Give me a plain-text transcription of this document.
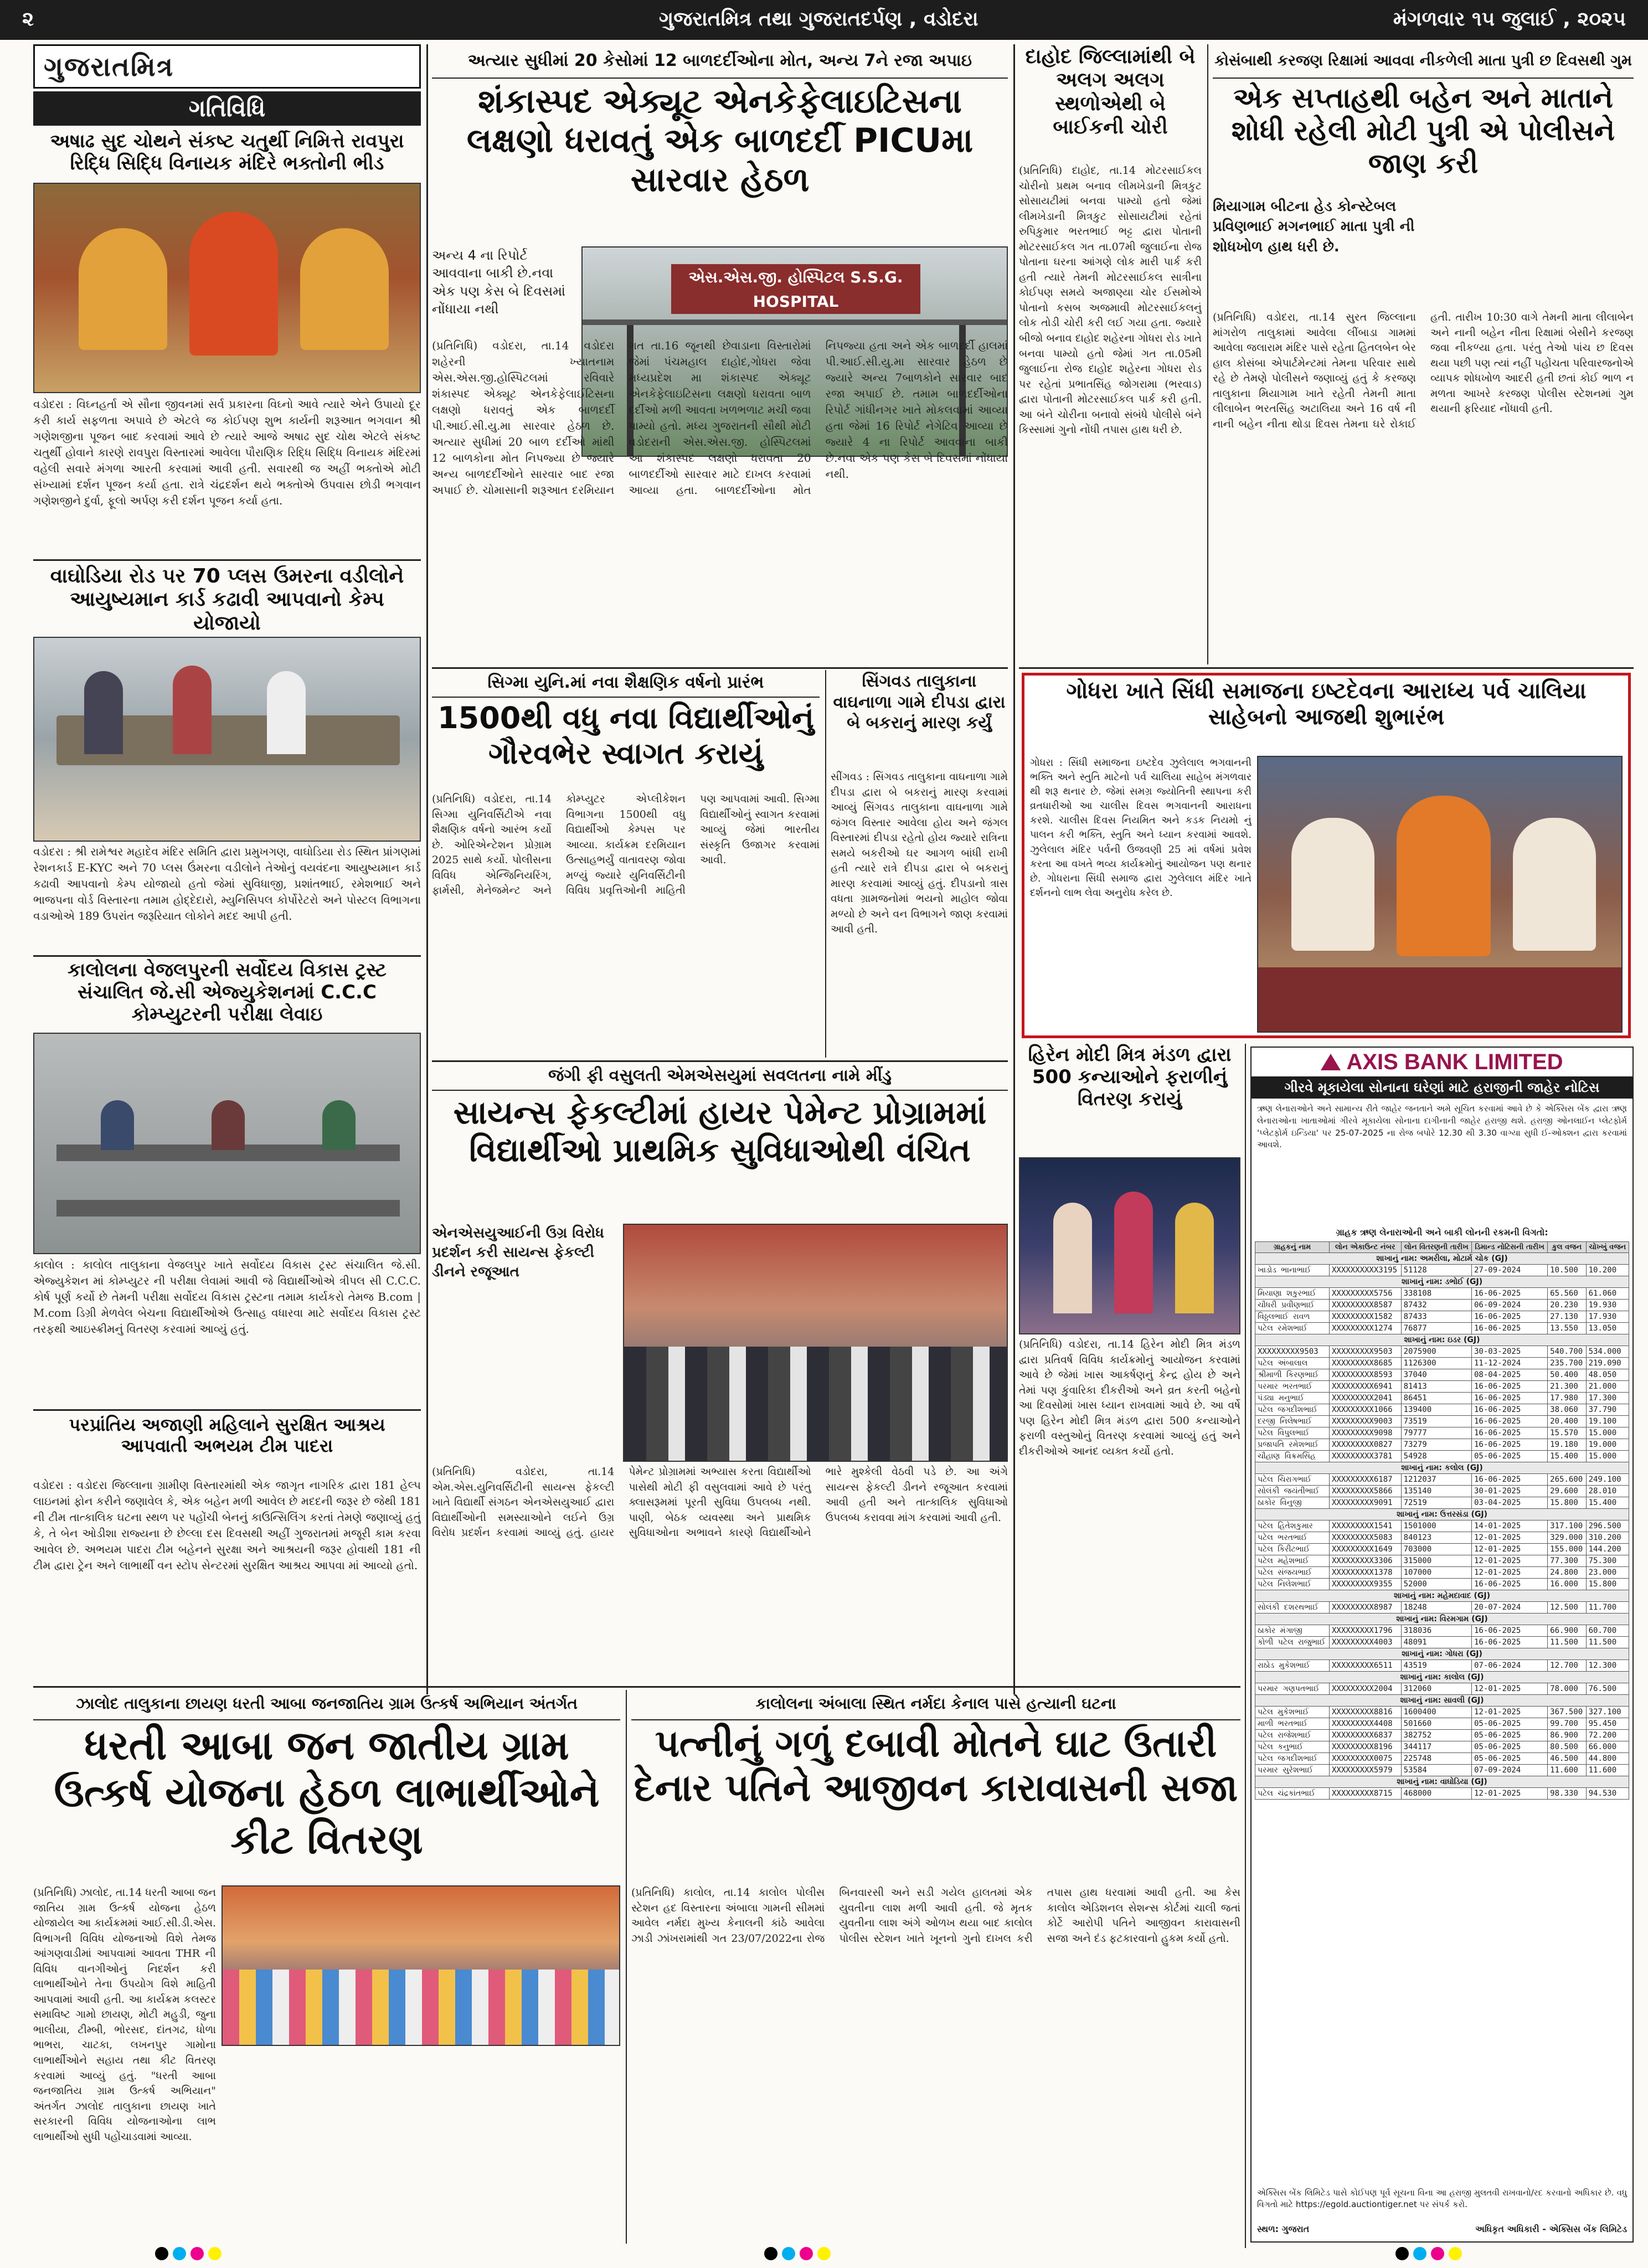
૨	ગુજરાતમિત્ર તથા ગુજરાતદર્પણ , વડોદરા	મંગળવાર ૧૫ જુલાઈ , ૨૦૨૫
ગુજરાતમિત્ર
ગતિવિધિ
અષાઢ સુદ ચોથને સંકષ્ટ ચતુર્થી નિમિત્તે રાવપુરા રિદ્ધિ સિદ્ધિ વિનાયક મંદિરે ભક્તોની ભીડ
વડોદરા : વિઘ્નહર્તા એ સૌના જીવનમાં સર્વ પ્રકારના વિઘ્નો આવે ત્યારે એને ઉપાયો દૂર કરી કાર્ય સફળતા અપાવે છે એટલે જ કોઈપણ શુભ કાર્યની શરૂઆત ભગવાન શ્રી ગણેશજીના પૂજન બાદ કરવામાં આવે છે ત્યારે આજે અષાઢ સુદ ચોથ એટલે સંકષ્ટ ચતુર્થી હોવાને કારણે રાવપુરા વિસ્તારમાં આવેલા પૌરાણિક રિદ્ધિ સિદ્ધિ વિનાયક મંદિરમાં વહેલી સવારે મંગળા આરતી કરવામાં આવી હતી. સવારથી જ અહીં ભક્તોએ મોટી સંખ્યામાં દર્શન પૂજન કર્યા હતા. રાત્રે ચંદ્રદર્શન થયે ભક્તોએ ઉપવાસ છોડી ભગવાન ગણેશજીને દુર્વા, ફૂલો અર્પણ કરી દર્શન પૂજન કર્યા હતા.
વાઘોડિયા રોડ પર 70 પ્લસ ઉંમરના વડીલોને આયુષ્યમાન કાર્ડ કઢાવી આપવાનો કેમ્પ યોજાયો
વડોદરા : શ્રી રામેશ્વર મહાદેવ મંદિર સમિતિ દ્વારા પ્રમુખગણ, વાઘોડિયા રોડ સ્થિત પ્રાંગણમાં રેશનકાર્ડ E-KYC અને 70 પ્લસ ઉંમરના વડીલોને તેઓનું વયવંદના આયુષ્યમાન કાર્ડ કઢાવી આપવાનો કેમ્પ યોજાયો હતો જેમાં સુવિધાજી, પ્રશાંતભાઈ, રમેશભાઈ અને ભાજપના વોર્ડ વિસ્તારના તમામ હોદ્દેદારો, મ્યુનિસિપલ કોર્પોરેટરો અને પોસ્ટલ વિભાગના વડાઓએ 189 ઉપરાંત જરૂરિયાત લોકોને મદદ આપી હતી.
કાલોલના વેજલપુરની સર્વોદય વિકાસ ટ્રસ્ટ સંચાલિત જે.સી એજ્યુકેશનમાં C.C.C કોમ્પ્યુટરની પરીક્ષા લેવાઇ
કાલોલ : કાલોલ તાલુકાના વેજલપુર ખાતે સર્વોદય વિકાસ ટ્રસ્ટ સંચાલિત જે.સી. એજ્યુકેશન માં કોમ્પ્યુટર ની પરીક્ષા લેવામાં આવી જે વિદ્યાર્થીઓએ ત્રીપલ સી C.C.C. કોર્ષ પૂર્ણ કર્યો છે તેમની પરીક્ષા સર્વોદય વિકાસ ટ્રસ્ટના તમામ કાર્યકરો તેમજ B.com | M.com ડિગ્રી મેળવેલ બેચના વિદ્યાર્થીઓએ ઉત્સાહ વધારવા માટે સર્વોદય વિકાસ ટ્રસ્ટ તરફથી આઇસ્ક્રીમનું વિતરણ કરવામાં આવ્યું હતું.
પરપ્રાંતિય અજાણી મહિલાને સુરક્ષિત આશ્રય આપવાતી અભયમ ટીમ પાદરા
વડોદરા : વડોદરા જિલ્લાના ગ્રામીણ વિસ્તારમાંથી એક જાગૃત નાગરિક દ્વારા 181 હેલ્પ લાઇનમાં ફોન કરીને જણાવેલ કે, એક બહેન મળી આવેલ છે મદદની જરૂર છે જેથી 181 ની ટીમ તાત્કાલિક ઘટના સ્થળ પર પહોંચી બેનનું કાઉન્સિલિંગ કરતાં તેમણે જણાવ્યું હતું કે, તે બેન ઓડીશા રાજ્યના છે છેલ્લા દસ દિવસથી અહીં ગુજરાતમાં મજૂરી કામ કરવા આવેલ છે. અભયમ પાદરા ટીમ બહેનને સુરક્ષા અને આશ્રયની જરૂર હોવાથી 181 ની ટીમ દ્વારા ટ્રેન અને લાભાર્થી વન સ્ટોપ સેન્ટરમાં સુરક્ષિત આશ્રય આપવા માં આવ્યો હતો.
અત્યાર સુધીમાં 20 કેસોમાં 12 બાળદર્દીઓના મોત, અન્ય 7ને રજા અપાઇ
શંકાસ્પદ એક્યૂટ એનકેફેલાઇટિસના લક્ષણો ધરાવતું એક બાળદર્દી PICUમા સારવાર હેઠળ
અન્ય 4 ના રિપોર્ટ આવવાના બાકી છે.નવા એક પણ કેસ બે દિવસમાં નોંધાયા નથી
એસ.એસ.જી. હોસ્પિટલ S.S.G. HOSPITAL
(પ્રતિનિધિ) વડોદરા, તા.14 વડોદરા શહેરની ખ્યાતનામ એસ.એસ.જી.હોસ્પિટલમાં રવિવારે શંકાસ્પદ એક્યૂટ એનકેફેલાઈટિસના લક્ષણો ધરાવતું એક બાળદર્દી પી.આઈ.સી.યુ.મા સારવાર હેઠળ છે. અત્યાર સુધીમાં 20 બાળ દર્દીઓ માંથી 12 બાળકોના મોત નિપજ્યા છે જ્યારે અન્ય બાળદર્દીઓને સારવાર બાદ રજા અપાઈ છે. ચોમાસાની શરૂઆત દરમિયાન ગત તા.16 જૂનથી છેવાડાના વિસ્તારોમાં જેમાં પંચમહાલ દાહોદ,ગોધરા જેવા મધ્યપ્રદેશ મા શંકાસ્પદ એક્યૂટ એનકેફેલાઇટિસના લક્ષણો ધરાવતા બાળ દર્દીઓ મળી આવતા ખળભળાટ મચી જવા પામ્યો હતો. મધ્ય ગુજરાતની સૌથી મોટી વડોદરાની એસ.એસ.જી. હોસ્પિટલમાં આ શંકાસ્પદ લક્ષણો ધરાવતા 20 બાળદર્દીઓ સારવાર માટે દાખલ કરવામાં આવ્યા હતા. બાળદર્દીઓના મોત નિપજ્યા હતા અને એક બાળદર્દી હાલમાં પી.આઈ.સી.યુ.મા સારવાર હેઠળ છે જ્યારે અન્ય 7બાળકોને સારવાર બાદ રજા અપાઈ છે. તમામ બાળદર્દીઓના રિપોર્ટ ગાંધીનગર ખાતે મોકલવામાં આવ્યા હતા જેમાં 16 રિપોર્ટ નેગેટિવ આવ્યા છે જ્યારે 4 ના રિપોર્ટ આવવાના બાકી છે.નવા એક પણ કેસ બે દિવસમાં નોંધાયા નથી.
સિગ્મા યુનિ.માં નવા શૈક્ષણિક વર્ષનો પ્રારંભ
1500થી વધુ નવા વિદ્યાર્થીઓનું ગૌરવભેર સ્વાગત કરાયું
(પ્રતિનિધિ) વડોદરા, તા.14 સિગ્મા યુનિવર્સિટીએ નવા શૈક્ષણિક વર્ષનો આરંભ કર્યો છે. ઓરિએન્ટેશન પ્રોગ્રામ 2025 સાથે કર્યો. પોલીસના વિવિધ એન્જિનિયરિંગ, ફાર્મસી, મેનેજમેન્ટ અને કોમ્પ્યુટર એપ્લીકેશન વિભાગના 1500થી વધુ વિદ્યાર્થીઓ કેમ્પસ પર આવ્યા. કાર્યક્રમ દરમિયાન ઉત્સાહભર્યું વાતાવરણ જોવા મળ્યું જ્યારે યુનિવર્સિટીની વિવિધ પ્રવૃત્તિઓની માહિતી પણ આપવામાં આવી. સિગ્મા વિદ્યાર્થીઓનું સ્વાગત કરવામાં આવ્યું જેમાં ભારતીય સંસ્કૃતિ ઉજાગર કરવામાં આવી.
સિંગવડ તાલુકાના વાઘનાળા ગામે દીપડા દ્વારા બે બકરાનું મારણ કર્યું
સીંગવડ : સિંગવડ તાલુકાના વાઘનાળા ગામે દીપડા દ્વારા બે બકરાનું મારણ કરવામાં આવ્યું સિંગવડ તાલુકાના વાઘનાળા ગામે જંગલ વિસ્તાર આવેલા હોય અને જંગલ વિસ્તારમાં દીપડા રહેતો હોય જ્યારે રાત્રિના સમયે બકરીઓ ઘર આગળ બાંધી રાખી હતી ત્યારે રાત્રે દીપડા દ્વારા બે બકરાનું મારણ કરવામાં આવ્યું હતું. દીપડાનો ત્રાસ વધતા ગ્રામજનોમાં ભયનો માહોલ જોવા મળ્યો છે અને વન વિભાગને જાણ કરવામાં આવી હતી.
જંગી ફી વસુલતી એમએસયુમાં સવલતના નામે મીંડુ
સાયન્સ ફેકલ્ટીમાં હાયર પેમેન્ટ પ્રોગ્રામમાં વિદ્યાર્થીઓ પ્રાથમિક સુવિધાઓથી વંચિત
એનએસયુઆઈની ઉગ્ર વિરોધ પ્રદર્શન કરી સાયન્સ ફેકલ્ટી ડીનને રજૂઆત
(પ્રતિનિધિ) વડોદરા, તા.14 એમ.એસ.યુનિવર્સિટીની સાયન્સ ફેકલ્ટી ખાતે વિદ્યાર્થી સંગઠન એનએસયુઆઈ દ્વારા વિદ્યાર્થીઓની સમસ્યાઓને લઈને ઉગ્ર વિરોધ પ્રદર્શન કરવામાં આવ્યું હતું. હાયર પેમેન્ટ પ્રોગ્રામમાં અભ્યાસ કરતા વિદ્યાર્થીઓ પાસેથી મોટી ફી વસુલવામાં આવે છે પરંતુ ક્લાસરૂમમાં પૂરતી સુવિધા ઉપલબ્ધ નથી. પાણી, બેઠક વ્યવસ્થા અને પ્રાથમિક સુવિધાઓના અભાવને કારણે વિદ્યાર્થીઓને ભારે મુશ્કેલી વેઠવી પડે છે. આ અંગે સાયન્સ ફેકલ્ટી ડીનને રજૂઆત કરવામાં આવી હતી અને તાત્કાલિક સુવિધાઓ ઉપલબ્ધ કરાવવા માંગ કરવામાં આવી હતી.
દાહોદ જિલ્લામાંથી બે અલગ અલગ સ્થળોએથી બે બાઈકની ચોરી
(પ્રતિનિધિ) દાહોદ, તા.14 મોટરસાઈકલ ચોરીનો પ્રથમ બનાવ લીમખેડાની મિત્રકુટ સોસાયટીમાં બનવા પામ્યો હતો જેમાં લીમખેડાની મિત્રકુટ સોસાયટીમાં રહેતાં રુપિકુમાર ભરતભાઈ ભટ્ટ દ્વારા પોતાની મોટરસાઈકલ ગત તા.07મી જુલાઈના રોજ પોતાના ઘરના આંગણે લોક મારી પાર્ક કરી હતી ત્યારે તેમની મોટરસાઈકલ સાત્રીના કોઈપણ સમયે અજાણ્યા ચોર ઈસમોએ પોતાનો કસબ અજમાવી મોટરસાઈકલનું લોક તોડી ચોરી કરી લઈ ગયા હતા. જ્યારે બીજો બનાવ દાહોદ શહેરના ગોધરા રોડ ખાતે બનવા પામ્યો હતો જેમાં ગત તા.05મી જુલાઈના રોજ દાહોદ શહેરના ગોધરા રોડ પર રહેતાં પ્રભાતસિંહ જોગરામા (ભરવાડ) દ્વારા પોતાની મોટરસાઈકલ પાર્ક કરી હતી. આ બંને ચોરીના બનાવો સંબંધે પોલીસે બંને કિસ્સામાં ગુનો નોંધી તપાસ હાથ ધરી છે.
કોસંબાથી કરજણ રિક્ષામાં આવવા નીકળેલી માતા પુત્રી છ દિવસથી ગુમ
એક સપ્તાહથી બહેન અને માતાને શોધી રહેલી મોટી પુત્રી એ પોલીસને જાણ કરી
મિયાગામ બીટના હેડ કોન્સ્ટેબલ પ્રવિણભાઈ મગનભાઈ માતા પુત્રી ની શોધખોળ હાથ ધરી છે.
(પ્રતિનિધિ) વડોદરા, તા.14 સુરત જિલ્લાના માંગરોળ તાલુકામાં આવેલા લીંબાડા ગામમાં આવેલા જલારામ મંદિર પાસે રહેતા હિતલબેન બેર હાલ કોસંબા એપાર્ટમેન્ટમાં તેમના પરિવાર સાથે રહે છે તેમણે પોલીસને જણાવ્યું હતું કે કરજણ તાલુકાના મિયાગામ ખાતે રહેતી તેમની માતા લીલાબેન ભરતસિંહ અટાલિયા અને 16 વર્ષ ની નાની બહેન નીતા થોડા દિવસ તેમના ઘરે રોકાઈ હતી. તારીખ 10:30 વાગે તેમની માતા લીલાબેન અને નાની બહેન નીતા રિક્ષામાં બેસીને કરજણ જવા નીકળ્યા હતા. પરંતુ તેઓ પાંચ છ દિવસ થયા પછી પણ ત્યાં નહીં પહોંચતા પરિવારજનોએ વ્યાપક શોધખોળ આદરી હતી છતાં કોઈ ભાળ ન મળતા આખરે કરજણ પોલીસ સ્ટેશનમાં ગુમ થયાની ફરિયાદ નોંધાવી હતી.
ગોધરા ખાતે સિંધી સમાજના ઇષ્ટદેવના આરાધ્ય પર્વ ચાલિયા સાહેબનો આજથી શુભારંભ
ગોધરા : સિંધી સમાજના ઇષ્ટદેવ ઝુલેલાલ ભગવાનની ભક્તિ અને સ્તુતિ માટેનો પર્વ ચાલિયા સાહેબ મંગળવાર થી શરૂ થનાર છે. જેમાં સમગ્ર જ્યોતિની સ્થાપના કરી વ્રતધારીઓ આ ચાલીસ દિવસ ભગવાનની આરાધના કરશે. ચાલીસ દિવસ નિયમિત અને કડક નિયમો નું પાલન કરી ભક્તિ, સ્તુતિ અને ધ્યાન કરવામાં આવશે. ઝુલેલાલ મંદિર પર્વની ઉજવણી 25 માં વર્ષમાં પ્રવેશ કરતા આ વખતે ભવ્ય કાર્યક્રમોનું આયોજન પણ થનાર છે. ગોધરાના સિંધી સમાજ દ્વારા ઝુલેલાલ મંદિર ખાતે દર્શનનો લાભ લેવા અનુરોધ કરેલ છે.
હિરેન મોદી મિત્ર મંડળ દ્વારા 500 કન્યાઓને ફરાળીનું વિતરણ કરાયું
(પ્રતિનિધિ) વડોદરા, તા.14 હિરેન મોદી મિત્ર મંડળ દ્વારા પ્રતિવર્ષ વિવિધ કાર્યક્રમોનું આયોજન કરવામાં આવે છે જેમાં ખાસ આકર્ષણનું કેન્દ્ર હોય છે અને તેમાં પણ કુંવારિકા દીકરીઓ અને વ્રત કરતી બહેનો આ દિવસોમાં ખાસ ધ્યાન રાખવામાં આવે છે. આ વર્ષે પણ હિરેન મોદી મિત્ર મંડળ દ્વારા 500 કન્યાઓને ફરાળી વસ્તુઓનું વિતરણ કરવામાં આવ્યું હતું અને દીકરીઓએ આનંદ વ્યક્ત કર્યો હતો.
AXIS BANK LIMITED
ગીરવે મૂકાયેલા સોનાના ઘરેણાં માટે હરાજીની જાહેર નોટિસ
ઋણ લેનારાઓને અને સામાન્ય રીતે જાહેર જનતાને અમે સૂચિત કરવામાં આવે છે કે એક્સિસ બેંક દ્વારા ઋણ લેનારાઓના ખાતાઓમાં ગીરવે મૂકાયેલા સોનાના દાગીનાની જાહેર હરાજી થશે. હરાજી ઓનલાઈન પ્લેટફોર્મ 'પ્લેટફોર્મ ઇન્ડિયા' પર 25-07-2025 ના રોજ બપોરે 12.30 થી 3.30 વાગ્યા સુધી ઈ-ઓક્શન દ્વારા કરવામાં આવશે.
ગ્રાહક ઋણ લેનારાઓની અને બાકી લોનની રકમની વિગતો:
ગ્રાહકનું નામ	લોન એકાઉન્ટ નંબર	લોન વિતરણની તારીખ	ડિમાન્ડ નોટિસની તારીખ	કુલ વજન	ચોખ્ખું વજન
શાખાનું નામ: અમરીલા, મોટાર્મ ચોક (GJ)					
ખાડોડ ભાનાભાઈ	XXXXXXXXXX3195	51128	27-09-2024	10.500	10.200
શાખાનું નામ: ડભોઈ (GJ)					
મિયાણા શકુરભાઈ	XXXXXXXXX5756	338108	16-06-2025	65.560	61.060
ચૌધરી પ્રવીણભાઈ	XXXXXXXXX8587	87432	06-09-2024	20.230	19.930
વિઠ્ઠલભાઈ રાવળ	XXXXXXXXX1582	87433	16-06-2025	27.130	17.930
પટેલ રમેશભાઈ	XXXXXXXXX1274	76877	16-06-2025	13.550	13.050
શાખાનું નામ: ઇડર (GJ)					
XXXXXXXXX9503	XXXXXXXXX9503	2075900	30-03-2025	540.700	534.000
પટેલ અંબાલાલ	XXXXXXXXX8685	1126300	11-12-2024	235.700	219.090
શ્રીમાળી કિરણભાઈ	XXXXXXXXX8593	37040	08-04-2025	50.400	48.050
પરમાર ભરતભાઈ	XXXXXXXXX6941	81413	16-06-2025	21.300	21.000
પંડ્યા મનુભાઈ	XXXXXXXXX2041	86451	16-06-2025	17.980	17.300
પટેલ જગદીશભાઈ	XXXXXXXXX1066	139400	16-06-2025	38.060	37.790
દરજી નિલેષભાઈ	XXXXXXXXX9003	73519	16-06-2025	20.400	19.100
પટેલ વિપુલભાઈ	XXXXXXXXX9098	79777	16-06-2025	15.570	15.000
પ્રજાપતિ રમેશભાઈ	XXXXXXXXX0827	73279	16-06-2025	19.180	19.000
ચૌહાણ વિક્રમસિંહ	XXXXXXXXX3781	54928	05-06-2025	15.400	15.000
શાખાનું નામ: કલોલ (GJ)					
પટેલ ચિરાગભાઈ	XXXXXXXXX6187	1212037	16-06-2025	265.600	249.100
સોલંકી જયંતીભાઈ	XXXXXXXXX5866	135140	30-01-2025	29.600	28.010
ઠાકોર વિનુજી	XXXXXXXXX9091	72519	03-04-2025	15.800	15.400
શાખાનું નામ: ઉત્તરસંડા (GJ)					
પટેલ હિતેશકુમાર	XXXXXXXXX1541	1501000	14-01-2025	317.100	296.500
પટેલ ભરતભાઈ	XXXXXXXXX5083	840123	12-01-2025	329.000	310.200
પટેલ કિરીટભાઈ	XXXXXXXXX1649	703000	12-01-2025	155.000	144.200
પટેલ મહેશભાઈ	XXXXXXXXX3306	315000	12-01-2025	77.300	75.300
પટેલ સંજયભાઈ	XXXXXXXXX1378	107000	12-01-2025	24.800	23.000
પટેલ નિલેશભાઈ	XXXXXXXXX9355	52000	16-06-2025	16.000	15.800
શાખાનું નામ: મહેમદાવાદ (GJ)					
સોલંકી દશરથભાઈ	XXXXXXXXX8987	18248	20-07-2024	12.500	11.700
શાખાનું નામ: વિરમગામ (GJ)					
ઠાકોર મંગાજી	XXXXXXXXX1796	318036	16-06-2025	66.900	60.700
કોળી પટેલ રાજુભાઈ	XXXXXXXXX4003	48091	16-06-2025	11.500	11.500
શાખાનું નામ: ગોધરા (GJ)					
રાઠોડ મુકેશભાઈ	XXXXXXXXX6511	43519	07-06-2024	12.700	12.300
શાખાનું નામ: કાલોલ (GJ)					
પરમાર ગણપતભાઈ	XXXXXXXXX2004	312060	12-01-2025	78.000	76.500
શાખાનું નામ: સાવલી (GJ)					
પટેલ મુકેશભાઈ	XXXXXXXXX8816	1600400	12-01-2025	367.500	327.100
માળી ભરતભાઈ	XXXXXXXXX4408	501660	05-06-2025	99.700	95.450
પટેલ રાજેશભાઈ	XXXXXXXXX6837	382752	05-06-2025	86.900	72.200
પટેલ કનુભાઈ	XXXXXXXXX8196	344117	05-06-2025	80.500	66.000
પટેલ જગદીશભાઈ	XXXXXXXXX0075	225748	05-06-2025	46.500	44.800
પરમાર સુરેશભાઈ	XXXXXXXXX5979	53584	07-09-2024	11.600	11.600
શાખાનું નામ: વાઘોડિયા (GJ)					
પટેલ ચંદ્રકાંતભાઈ	XXXXXXXXX8715	468000	12-01-2025	98.330	94.530
એક્સિસ બેંક લિમિટેડ પાસે કોઈપણ પૂર્વ સૂચના વિના આ હરાજી મુલતવી રાખવાનો/રદ કરવાનો અધિકાર છે. વધુ વિગતો માટે https://egold.auctiontiger.net પર સંપર્ક કરો.
સ્થળ: ગુજરાત	અધિકૃત અધિકારી - એક્સિસ બેંક લિમિટેડ
ઝાલોદ તાલુકાના છાયણ ધરતી આબા જનજાતિય ગ્રામ ઉત્કર્ષ અભિયાન અંતર્ગત
ધરતી આબા જન જાતીય ગ્રામ ઉત્કર્ષ યોજના હેઠળ લાભાર્થીઓને કીટ વિતરણ
(પ્રતિનિધિ) ઝાલોદ, તા.14 ધરતી આબા જન જાતિય ગ્રામ ઉત્કર્ષ યોજના હેઠળ યોજાયેલ આ કાર્યક્રમમાં આઈ.સી.ડી.એસ. વિભાગની વિવિધ યોજનાઓ વિશે તેમજ આંગણવાડીમાં આપવામાં આવતા THR ની વિવિધ વાનગીઓનું નિદર્શન કરી લાભાર્થીઓને તેના ઉપયોગ વિશે માહિતી આપવામાં આવી હતી. આ કાર્યક્રમ કલસ્ટર સમાવિષ્ટ ગામો છાયણ, મોટી મહુડી, જુના ભાલીયા, ટીમ્બી, ભોરસદ, દાંતગઢ, ધોળા ભાભરા, ચાટકા, લખનપુર ગામોના લાભાર્થીઓને સહાય તથા કીટ વિતરણ કરવામાં આવ્યું હતું. "ધરતી આબા જનજાતિય ગ્રામ ઉત્કર્ષ અભિયાન" અંતર્ગત ઝાલોદ તાલુકાના છાયણ ખાતે સરકારની વિવિધ યોજનાઓના લાભ લાભાર્થીઓ સુધી પહોંચાડવામાં આવ્યા.
કાલોલના અંબાલા સ્થિત નર્મદા કેનાલ પાસે હત્યાની ઘટના
પત્નીનું ગળું દબાવી મોતને ઘાટ ઉતારી દેનાર પતિને આજીવન કારાવાસની સજા
(પ્રતિનિધિ) કાલોલ, તા.14 કાલોલ પોલીસ સ્ટેશન હદ વિસ્તારના અંબાલા ગામની સીમમાં આવેલ નર્મદા મુખ્ય કેનાલની કાંઠે આવેલા ઝાડી ઝાંખરામાંથી ગત 23/07/2022ના રોજ બિનવારસી અને સડી ગયેલ હાલતમાં એક યુવતીના લાશ મળી આવી હતી. જે મૃતક યુવતીના લાશ અંગે ઓળખ થયા બાદ કાલોલ પોલીસ સ્ટેશન ખાતે ખૂનનો ગુનો દાખલ કરી તપાસ હાથ ધરવામાં આવી હતી. આ કેસ કાલોલ એડિશનલ સેશન્સ કોર્ટમાં ચાલી જતાં કોર્ટે આરોપી પતિને આજીવન કારાવાસની સજા અને દંડ ફટકારવાનો હુકમ કર્યો હતો.
